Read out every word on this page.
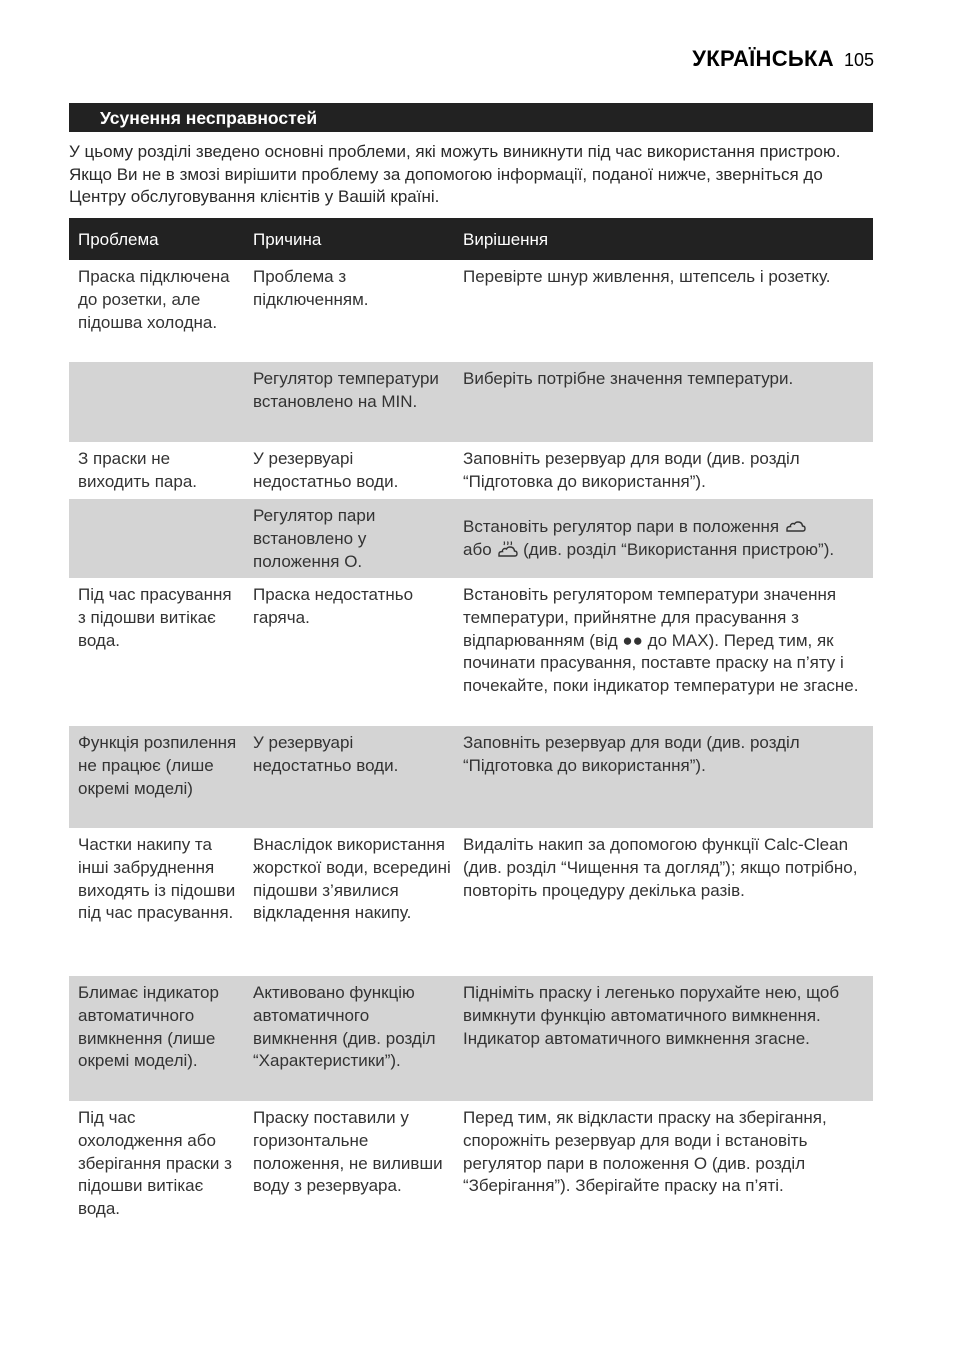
УКРАЇНСЬКА 105
Усунення несправностей

У цьому розділі зведено основні проблеми, які можуть виникнути під час використання пристрою. Якщо Ви не в змозі вирішити проблему за допомогою інформації, поданої нижче, зверніться до Центру обслуговування клієнтів у Вашій країні.

Проблема	Причина	Вирішення
Праска підключена до розетки, але підошва холодна.
Проблема з підключенням.
Перевірте шнур живлення, штепсель і розетку.
Регулятор температури встановлено на MIN.
Виберіть потрібне значення температури.
З праски не виходить пара.
У резервуарі недостатньо води.
Заповніть резервуар для води (див. розділ “Підготовка до використання”).
Регулятор пари встановлено у положення O.
Встановіть регулятор пари в положення
або (див. розділ “Використання пристрою”).
Під час прасування з підошви витікає вода.
Праска недостатньо гаряча.
Встановіть регулятором температури значення температури, прийнятне для прасування з відпарюванням (від ●● до MAX). Перед тим, як починати прасування, поставте праску на п’яту і почекайте, поки індикатор температури не згасне.
Функція розпилення не працює (лише окремі моделі)
У резервуарі недостатньо води.
Заповніть резервуар для води (див. розділ “Підготовка до використання”).
Частки накипу та інші забруднення виходять із підошви під час прасування.
Внаслідок використання жорсткої води, всередині підошви з’явилися відкладення накипу.
Видаліть накип за допомогою функції Calc-Clean (див. розділ “Чищення та догляд”); якщо потрібно, повторіть процедуру декілька разів.
Блимає індикатор автоматичного вимкнення (лише окремі моделі).
Активовано функцію автоматичного вимкнення (див. розділ “Характеристики”).
Підніміть праску і легенько порухайте нею, щоб вимкнути функцію автоматичного вимкнення. Індикатор автоматичного вимкнення згасне.
Під час охолодження або зберігання праски з підошви витікає вода.
Праску поставили у горизонтальне положення, не виливши воду з резервуара.
Перед тим, як відкласти праску на зберігання, спорожніть резервуар для води і встановіть регулятор пари в положення O (див. розділ “Зберігання”). Зберігайте праску на п’яті.
